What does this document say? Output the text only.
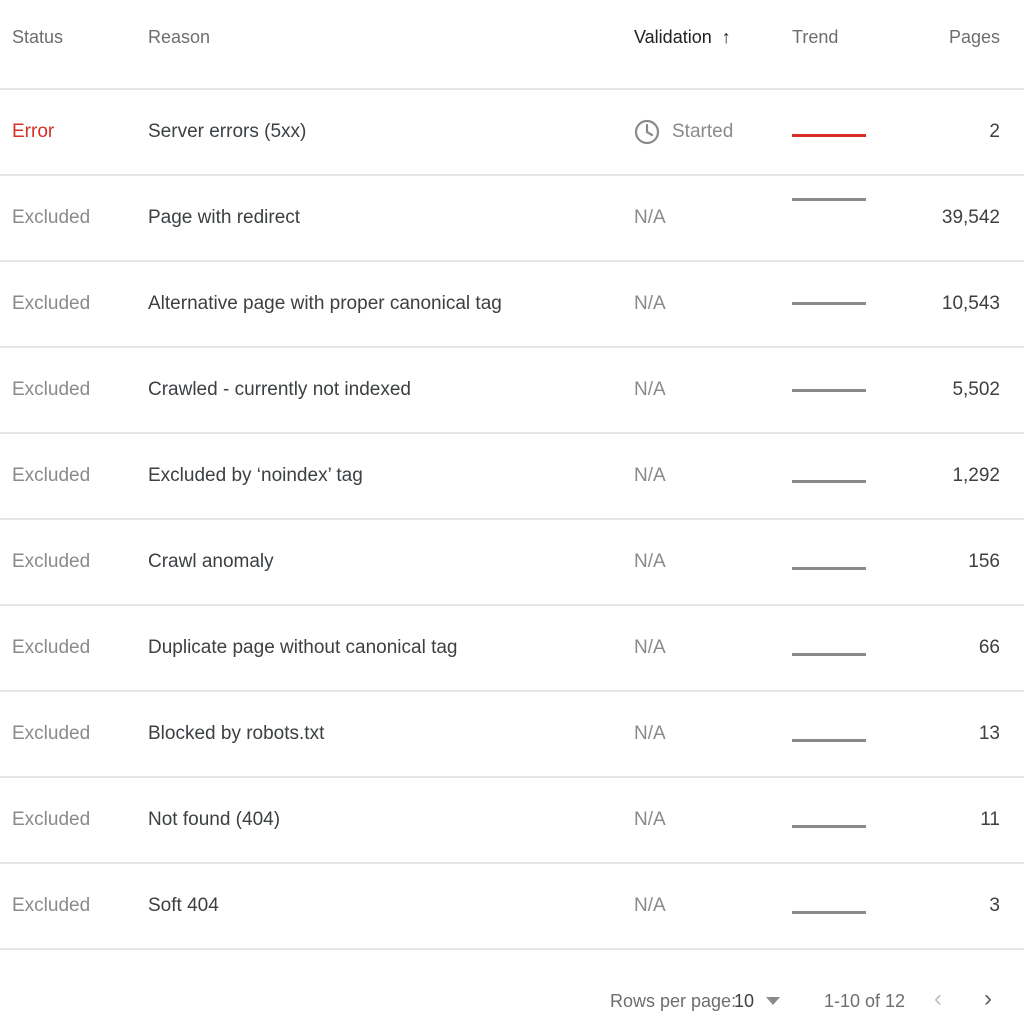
Status	Reason	Validation ↑	Trend	Pages
Error	Server errors (5xx)	Started	2
Excluded	Page with redirect	N/A	39,542
Excluded	Alternative page with proper canonical tag	N/A	10,543
Excluded	Crawled - currently not indexed	N/A	5,502
Excluded	Excluded by ‘noindex’ tag	N/A	1,292
Excluded	Crawl anomaly	N/A	156
Excluded	Duplicate page without canonical tag	N/A	66
Excluded	Blocked by robots.txt	N/A	13
Excluded	Not found (404)	N/A	11
Excluded	Soft 404	N/A	3
Rows per page:
10	1-10 of 12 ‹ ›
